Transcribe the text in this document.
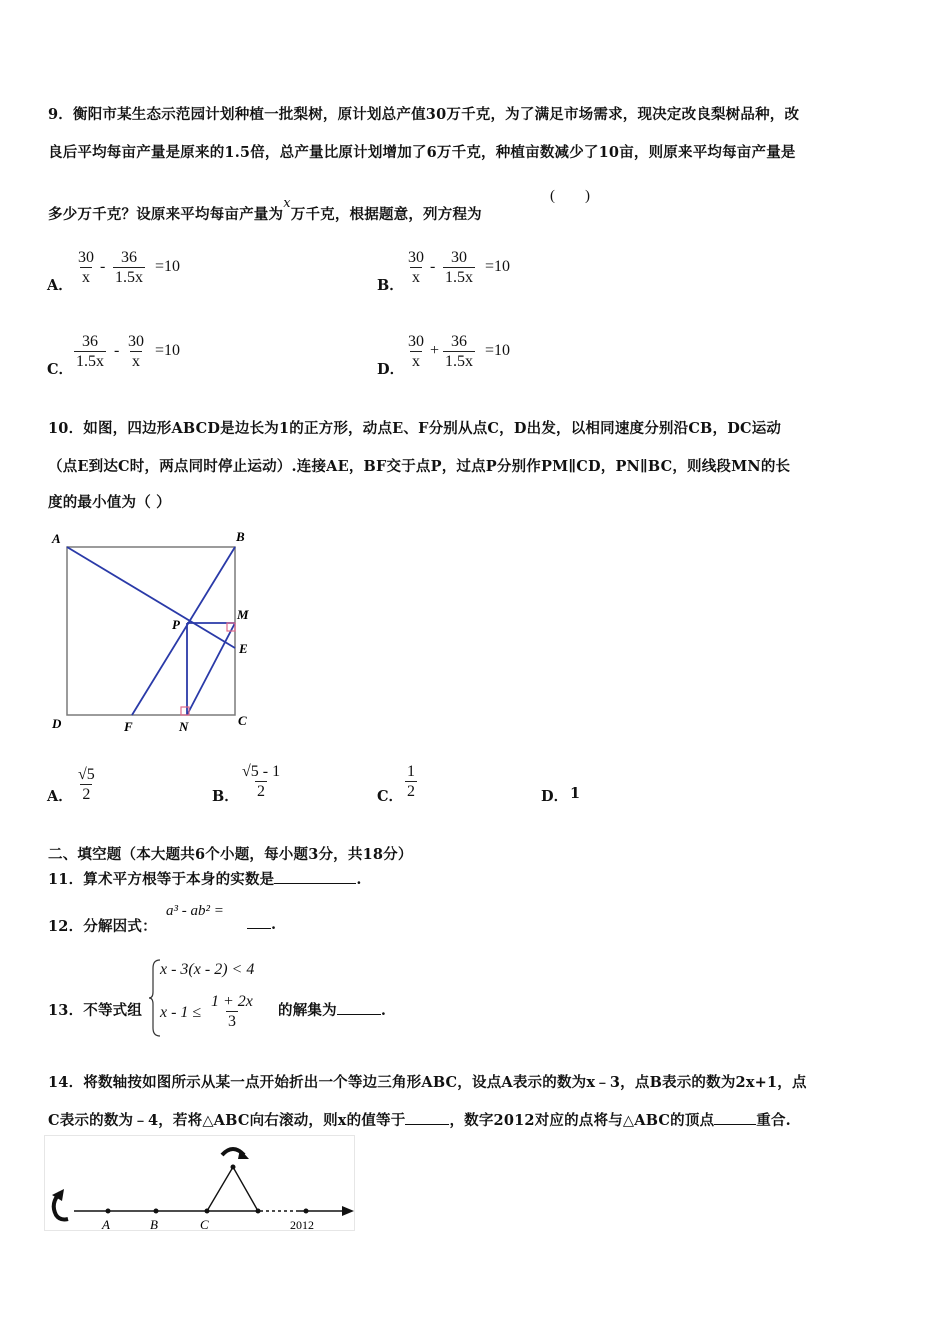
9．衡阳市某生态示范园计划种植一批梨树，原计划总产值30万千克，为了满足市场需求，现决定改良梨树品种，改
良后平均每亩产量是原来的1.5倍，总产量比原计划增加了6万千克，种植亩数减少了10亩，则原来平均每亩产量是
多少万千克？设原来平均每亩产量为$^x$万千克，根据题意，列方程为
(        )
A． $\frac{30}{x} - \frac{36}{1.5x} =10$
B． $\frac{30}{x} - \frac{30}{1.5x} =10$
C． $\frac{36}{1.5x} - \frac{30}{x} =10$
D． $\frac{30}{x} + \frac{36}{1.5x} =10$
10．如图，四边形ABCD是边长为1的正方形，动点E、F分别从点C，D出发，以相同速度分别沿CB，DC运动
（点E到达C时，两点同时停止运动）.连接AE，BF交于点P，过点P分别作PM∥CD，PN∥BC，则线段MN的长
度的最小值为（ ）
A	B
C
D
E
F
M
N
P
A． $\frac{√5}{2}$	B． $\frac{√5 - 1}{2}$	C． $\frac{1}{2}$	D． 1
二、填空题（本大题共6个小题，每小题3分，共18分）
11．算术平方根等于本身的实数是	.
12．分解因式：
a³ - ab² =
.
13．不等式组
x - 3(x - 2) < 4
$x - 1 \le \frac{1 + 2x}{3}$ 的解集为	.
14．将数轴按如图所示从某一点开始折出一个等边三角形ABC，设点A表示的数为x﹣3，点B表示的数为2x+1，点
C表示的数为﹣4，若将△ABC向右滚动，则x的值等于	，数字2012对应的点将与△ABC的顶点	重合.
A	B	C	2012
